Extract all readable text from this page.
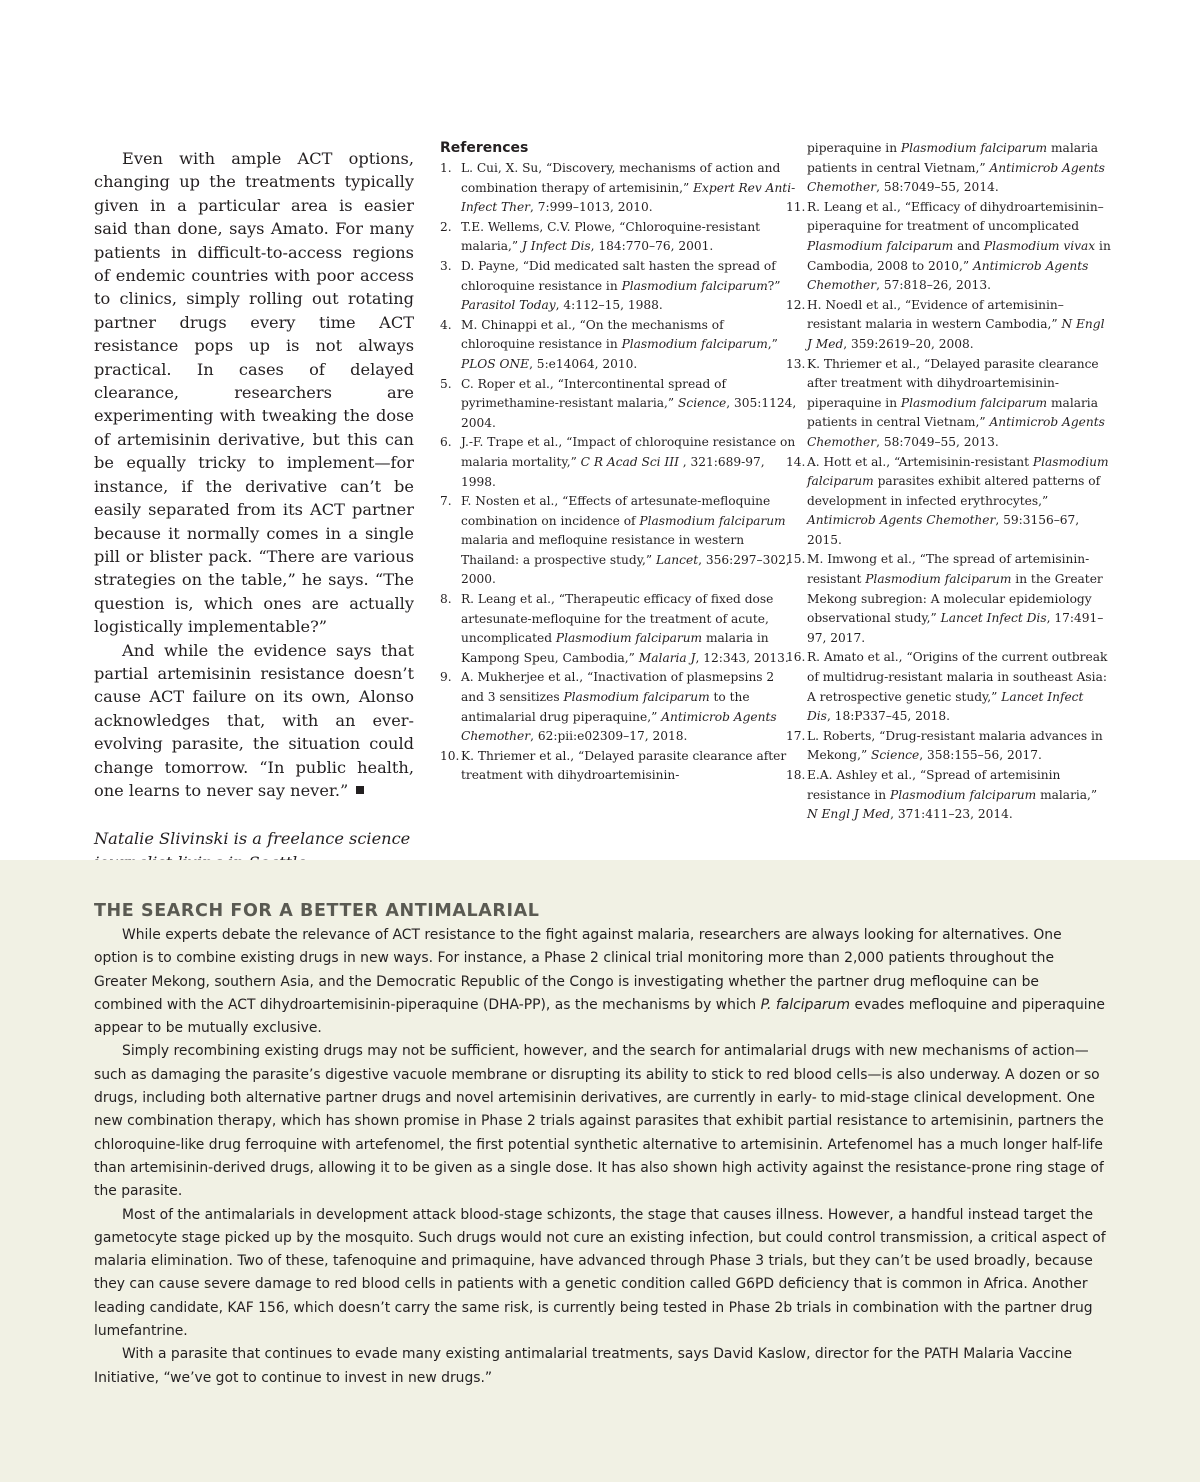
Even with ample ACT options, changing up the treatments typically given in a particular area is easier said than done, says Amato. For many patients in difficult-to-access regions of endemic countries with poor access to clinics, simply rolling out rotating partner drugs every time ACT resistance pops up is not always practical. In cases of delayed clearance, researchers are experimenting with tweaking the dose of artemisinin derivative, but this can be equally tricky to implement—for instance, if the derivative can’t be easily separated from its ACT partner because it normally comes in a single pill or blister pack. “There are various strategies on the table,” he says. “The question is, which ones are actually logistically implementable?”

And while the evidence says that partial artemisinin resistance doesn’t cause ACT failure on its own, Alonso acknowledges that, with an ever-evolving parasite, the situation could change tomorrow. “In public health, one learns to never say never.”

Natalie Slivinski is a freelance science

References
1. L. Cui, X. Su, “Discovery, mechanisms of action and combination therapy of artemisinin,” Expert Rev Anti-Infect Ther, 7:999–1013, 2010.
2. T.E. Wellems, C.V. Plowe, “Chloroquine-resistant malaria,” J Infect Dis, 184:770–76, 2001.
3. D. Payne, “Did medicated salt hasten the spread of chloroquine resistance in Plasmodium falciparum?” Parasitol Today, 4:112–15, 1988.
4. M. Chinappi et al., “On the mechanisms of chloroquine resistance in Plasmodium falciparum,” PLOS ONE, 5:e14064, 2010.
5. C. Roper et al., “Intercontinental spread of pyrimethamine-resistant malaria,” Science, 305:1124, 2004.
6. J.-F. Trape et al., “Impact of chloroquine resistance on malaria mortality,” C R Acad Sci III , 321:689-97, 1998.
7. F. Nosten et al., “Effects of artesunate-mefloquine combination on incidence of Plasmodium falciparum malaria and mefloquine resistance in western Thailand: a prospective study,” Lancet, 356:297–302, 2000.
8. R. Leang et al., “Therapeutic efficacy of fixed dose artesunate-mefloquine for the treatment of acute, uncomplicated Plasmodium falciparum malaria in Kampong Speu, Cambodia,” Malaria J, 12:343, 2013.
9. A. Mukherjee et al., “Inactivation of plasmepsins 2 and 3 sensitizes Plasmodium falciparum to the antimalarial drug piperaquine,” Antimicrob Agents Chemother, 62:pii:e02309–17, 2018.
10. K. Thriemer et al., “Delayed parasite clearance after treatment with dihydroartemisinin-
piperaquine in Plasmodium falciparum malaria patients in central Vietnam,” Antimicrob Agents Chemother, 58:7049–55, 2014.
11. R. Leang et al., “Efficacy of dihydroartemisinin–piperaquine for treatment of uncomplicated Plasmodium falciparum and Plasmodium vivax in Cambodia, 2008 to 2010,” Antimicrob Agents Chemother, 57:818–26, 2013.
12. H. Noedl et al., “Evidence of artemisinin–resistant malaria in western Cambodia,” N Engl J Med, 359:2619–20, 2008.
13. K. Thriemer et al., “Delayed parasite clearance after treatment with dihydroartemisinin-piperaquine in Plasmodium falciparum malaria patients in central Vietnam,” Antimicrob Agents Chemother, 58:7049–55, 2013.
14. A. Hott et al., “Artemisinin-resistant Plasmodium falciparum parasites exhibit altered patterns of development in infected erythrocytes,” Antimicrob Agents Chemother, 59:3156–67, 2015.
15. M. Imwong et al., “The spread of artemisinin-resistant Plasmodium falciparum in the Greater Mekong subregion: A molecular epidemiology observational study,” Lancet Infect Dis, 17:491–97, 2017.
16. R. Amato et al., “Origins of the current outbreak of multidrug-resistant malaria in southeast Asia: A retrospective genetic study,” Lancet Infect Dis, 18:P337–45, 2018.
17. L. Roberts, “Drug-resistant malaria advances in Mekong,” Science, 358:155–56, 2017.
18. E.A. Ashley et al., “Spread of artemisinin resistance in Plasmodium falciparum malaria,” N Engl J Med, 371:411–23, 2014.
THE SEARCH FOR A BETTER ANTIMALARIAL

While experts debate the relevance of ACT resistance to the fight against malaria, researchers are always looking for alternatives. One option is to combine existing drugs in new ways. For instance, a Phase 2 clinical trial monitoring more than 2,000 patients throughout the Greater Mekong, southern Asia, and the Democratic Republic of the Congo is investigating whether the partner drug mefloquine can be combined with the ACT dihydroartemisinin-piperaquine (DHA-PP), as the mechanisms by which P. falciparum evades mefloquine and piperaquine appear to be mutually exclusive.

Simply recombining existing drugs may not be sufficient, however, and the search for antimalarial drugs with new mechanisms of action—such as damaging the parasite’s digestive vacuole membrane or disrupting its ability to stick to red blood cells—is also underway. A dozen or so drugs, including both alternative partner drugs and novel artemisinin derivatives, are currently in early- to mid-stage clinical development. One new combination therapy, which has shown promise in Phase 2 trials against parasites that exhibit partial resistance to artemisinin, partners the chloroquine-like drug ferroquine with artefenomel, the first potential synthetic alternative to artemisinin. Artefenomel has a much longer half-life than artemisinin-derived drugs, allowing it to be given as a single dose. It has also shown high activity against the resistance-prone ring stage of the parasite.

Most of the antimalarials in development attack blood-stage schizonts, the stage that causes illness. However, a handful instead target the gametocyte stage picked up by the mosquito. Such drugs would not cure an existing infection, but could control transmission, a critical aspect of malaria elimination. Two of these, tafenoquine and primaquine, have advanced through Phase 3 trials, but they can’t be used broadly, because they can cause severe damage to red blood cells in patients with a genetic condition called G6PD deficiency that is common in Africa. Another leading candidate, KAF 156, which doesn’t carry the same risk, is currently being tested in Phase 2b trials in combination with the partner drug lumefantrine.

With a parasite that continues to evade many existing antimalarial treatments, says David Kaslow, director for the PATH Malaria Vaccine Initiative, “we’ve got to continue to invest in new drugs.”
